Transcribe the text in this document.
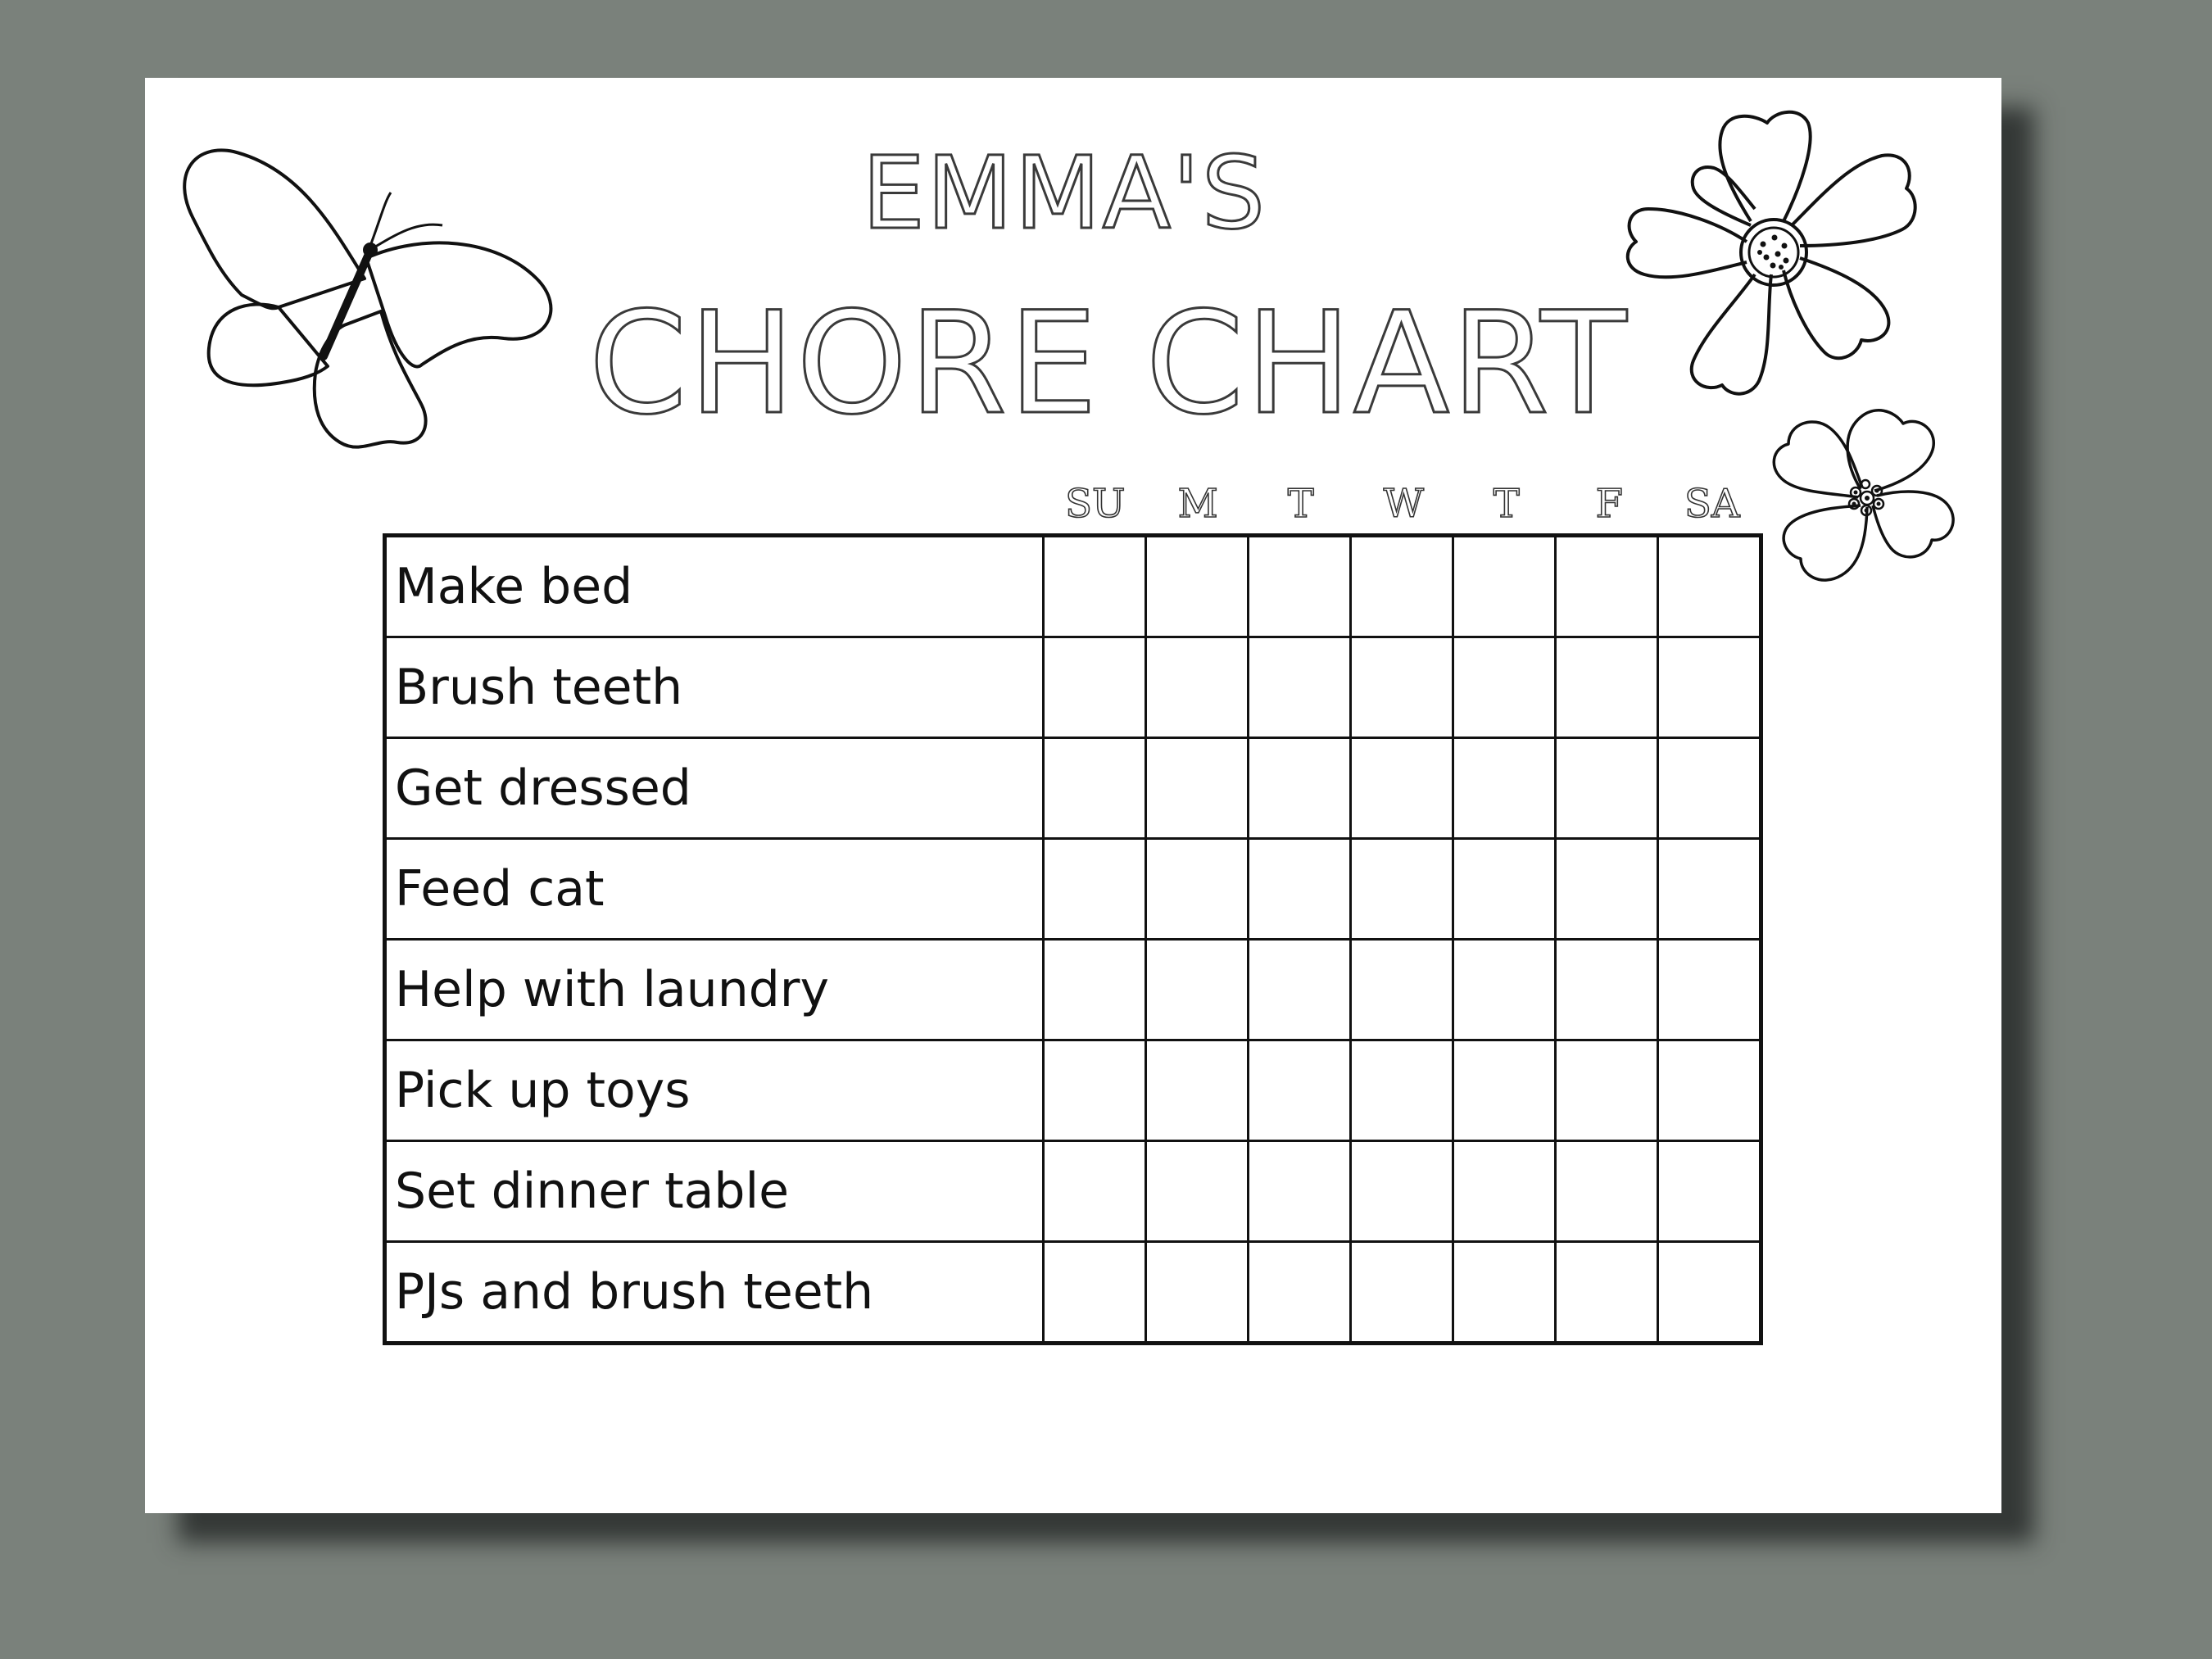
EMMA'S
CHORE CHART
SU	M	T	W	T	F	SA
Make bed							
Brush teeth							
Get dressed							
Feed cat							
Help with laundry							
Pick up toys							
Set dinner table							
PJs and brush teeth							
